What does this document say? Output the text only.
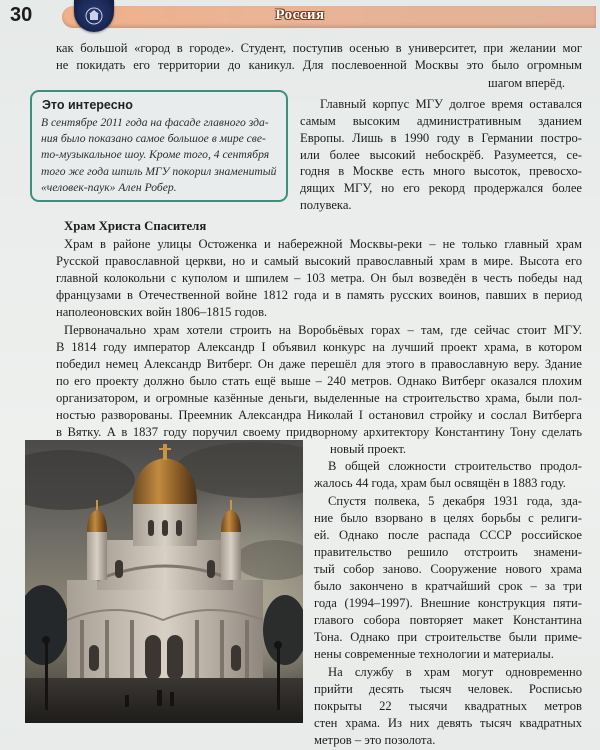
30	Россия
как большой «город в городе». Студент, поступив осенью в университет, при желании мог
не покидать его территории до каникул. Для послевоенной Москвы это было огромным
шагом вперёд.
Это интересно
В сентябре 2011 года на фасаде главного зда-
ния было показано самое большое в мире све-
то-музыкальное шоу. Кроме того, 4 сентября
того же года шпиль МГУ покорил знаменитый
«человек-паук» Ален Робер.
Главный корпус МГУ долгое время оставался
самым высоким административным зданием
Европы. Лишь в 1990 году в Германии постро-
или более высокий небоскрёб. Разумеется, се-
годня в Москве есть много высоток, превосхо-
дящих МГУ, но его рекорд продержался более
полувека.
Храм Христа Спасителя
Храм в районе улицы Остоженка и набережной Москвы-реки – не только главный храм
Русской православной церкви, но и самый высокий православный храм в мире. Высота его
главной колокольни с куполом и шпилем – 103 метра. Он был возведён в честь победы над
французами в Отечественной войне 1812 года и в память русских воинов, павших в период
наполеоновских войн 1806–1815 годов.
Первоначально храм хотели строить на Воробьёвых горах – там, где сейчас стоит МГУ.
В 1814 году император Александр I объявил конкурс на лучший проект храма, в котором
победил немец Александр Витберг. Он даже перешёл для этого в православную веру. Здание
по его проекту должно было стать ещё выше – 240 метров. Однако Витберг оказался плохим
организатором, и огромные казённые деньги, выделенные на строительство храма, были пол-
ностью разворованы. Преемник Александра Николай I остановил стройку и сослал Витберга
в Вятку. А в 1837 году поручил своему придворному архитектору Константину Тону сделать
новый проект.
В общей сложности строительство продол-
жалось 44 года, храм был освящён в 1883 году.
Спустя полвека, 5 декабря 1931 года, зда-
ние было взорвано в целях борьбы с религи-
ей. Однако после распада СССР российское
правительство решило отстроить знамени-
тый собор заново. Сооружение нового храма
было закончено в кратчайший срок – за три
года (1994–1997). Внешние конструкция пяти-
главого собора повторяет макет Константина
Тона. Однако при строительстве были приме-
нены современные технологии и материалы.
На службу в храм могут одновременно
прийти десять тысяч человек. Росписью
покрыты 22 тысячи квадратных метров
стен храма. Из них девять тысяч квадратных
метров – это позолота.
